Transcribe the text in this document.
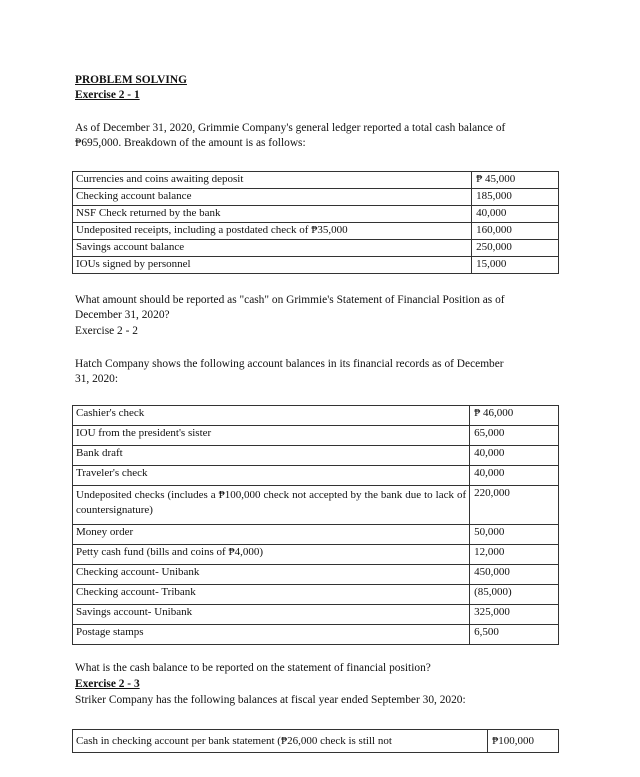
PROBLEM SOLVING
Exercise 2 - 1
As of December 31, 2020, Grimmie Company's general ledger reported a total cash balance of
₱695,000. Breakdown of the amount is as follows:
Currencies and coins awaiting deposit	₱ 45,000
Checking account balance	185,000
NSF Check returned by the bank	40,000
Undeposited receipts, including a postdated check of ₱35,000	160,000
Savings account balance	250,000
IOUs signed by personnel	15,000
What amount should be reported as "cash" on Grimmie's Statement of Financial Position as of
December 31, 2020?
Exercise 2 - 2
Hatch Company shows the following account balances in its financial records as of December
31, 2020:
Cashier's check	₱ 46,000
IOU from the president's sister	65,000
Bank draft	40,000
Traveler's check	40,000
Undeposited checks (includes a ₱100,000 check not accepted by the bank due to lack of countersignature)	220,000
Money order	50,000
Petty cash fund (bills and coins of ₱4,000)	12,000
Checking account- Unibank	450,000
Checking account- Tribank	(85,000)
Savings account- Unibank	325,000
Postage stamps	6,500
What is the cash balance to be reported on the statement of financial position?
Exercise 2 - 3
Striker Company has the following balances at fiscal year ended September 30, 2020:
Cash in checking account per bank statement (₱26,000 check is still not	₱100,000
